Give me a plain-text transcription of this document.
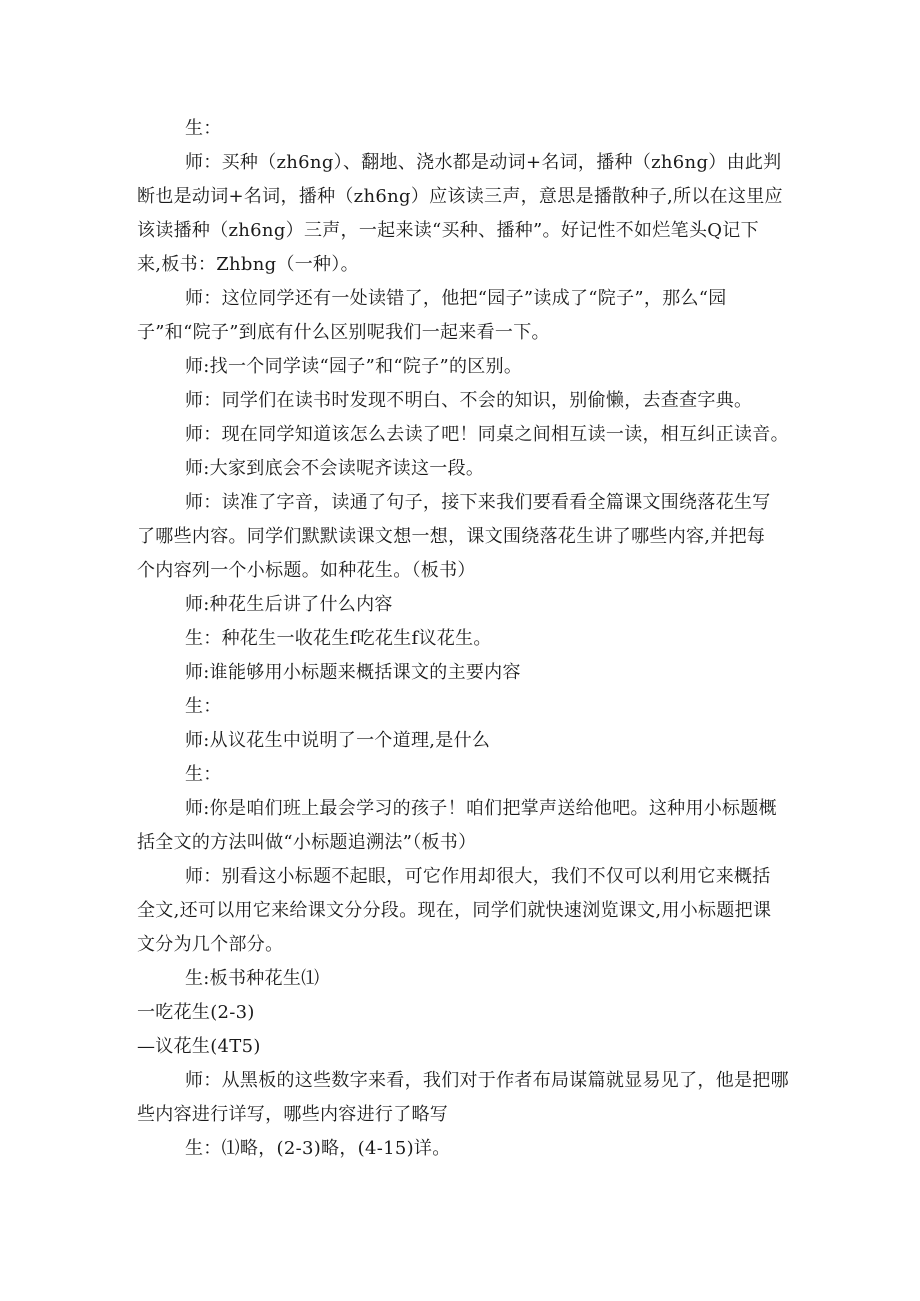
生：
师：买种（zh6ng）、翻地、浇水都是动词+名词，播种（zh6ng）由此判
断也是动词+名词，播种（zh6ng）应该读三声，意思是播散种子,所以在这里应
该读播种（zh6ng）三声，一起来读“买种、播种”。好记性不如烂笔头Q记下
来,板书：Zhbng（一种）。
师：这位同学还有一处读错了，他把“园子”读成了“院子”，那么“园
子”和“院子”到底有什么区别呢我们一起来看一下。
师:找一个同学读“园子”和“院子”的区别。
师：同学们在读书时发现不明白、不会的知识，别偷懒，去查查字典。
师：现在同学知道该怎么去读了吧！同桌之间相互读一读，相互纠正读音。
师:大家到底会不会读呢齐读这一段。
师：读准了字音，读通了句子，接下来我们要看看全篇课文围绕落花生写
了哪些内容。同学们默默读课文想一想，课文围绕落花生讲了哪些内容,并把每
个内容列一个小标题。如种花生。（板书）
师:种花生后讲了什么内容
生：种花生一收花生f吃花生f议花生。
师:谁能够用小标题来概括课文的主要内容
生：
师:从议花生中说明了一个道理,是什么
生：
师:你是咱们班上最会学习的孩子！咱们把掌声送给他吧。这种用小标题概
括全文的方法叫做“小标题追溯法”（板书）
师：别看这小标题不起眼，可它作用却很大，我们不仅可以利用它来概括
全文,还可以用它来给课文分分段。现在，同学们就快速浏览课文,用小标题把课
文分为几个部分。
生:板书种花生⑴
一吃花生(2-3)
—议花生(4T5)
师：从黑板的这些数字来看，我们对于作者布局谋篇就显易见了，他是把哪
些内容进行详写，哪些内容进行了略写
生：⑴略，(2-3)略，(4-15)详。
